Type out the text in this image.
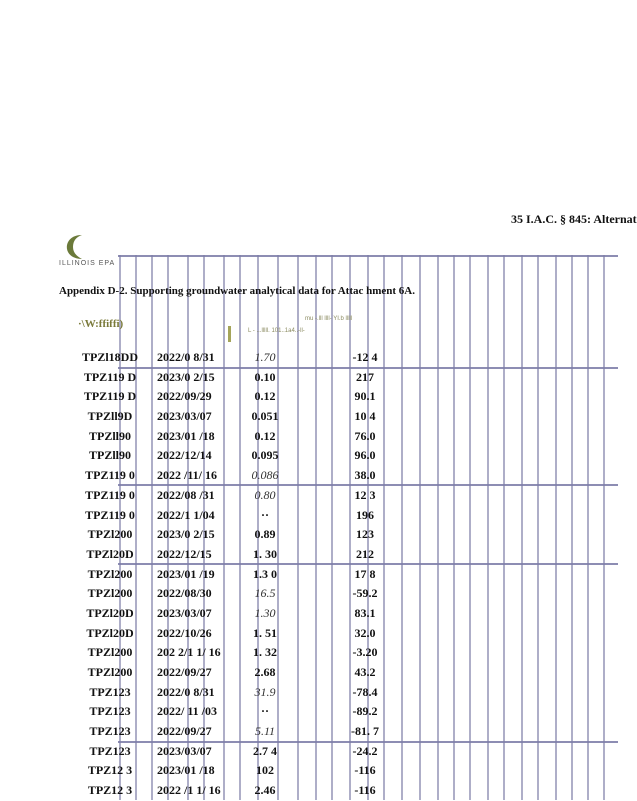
35 I.A.C. § 845: Alternat
ILLINOIS EPA
Appendix D-2. Supporting groundwater analytical data for Attac hment 6A.
·\W:ffiffi)	mu -.lll llll- YI.b lllll
L - ...lllll. 101..1a4..-ll-
TPZl18DD	2022/0 8/31	1.70	-12 4
TPZ119 D	2023/0 2/15	0.10	217
TPZ119 D	2022/09/29	0.12	90.1
TPZll9D	2023/03/07	0.051	10 4
TPZll90	2023/01 /18	0.12	76.0
TPZll90	2022/12/14	0.095	96.0
TPZ119 0	2022 /11/ 16	0.086	38.0
TPZ119 0	2022/08 /31	0.80	12 3
TPZ119 0	2022/1 1/04	··	196
TPZl200	2023/0 2/15	0.89	123
TPZl20D	2022/12/15	1. 30	212
TPZl200	2023/01 /19	1.3 0	17 8
TPZl200	2022/08/30	16.5	-59.2
TPZl20D	2023/03/07	1.30	83.1
TPZl20D	2022/10/26	1. 51	32.0
TPZl200	202 2/1 1/ 16	1. 32	-3.20
TPZl200	2022/09/27	2.68	43.2
TPZ123	2022/0 8/31	31.9	-78.4
TPZ123	2022/ 11 /03	··	-89.2
TPZ123	2022/09/27	5.11	-81. 7
TPZ123	2023/03/07	2.7 4	-24.2
TPZ12 3	2023/01 /18	102	-116
TPZ12 3	2022 /1 1/ 16	2.46	-116
